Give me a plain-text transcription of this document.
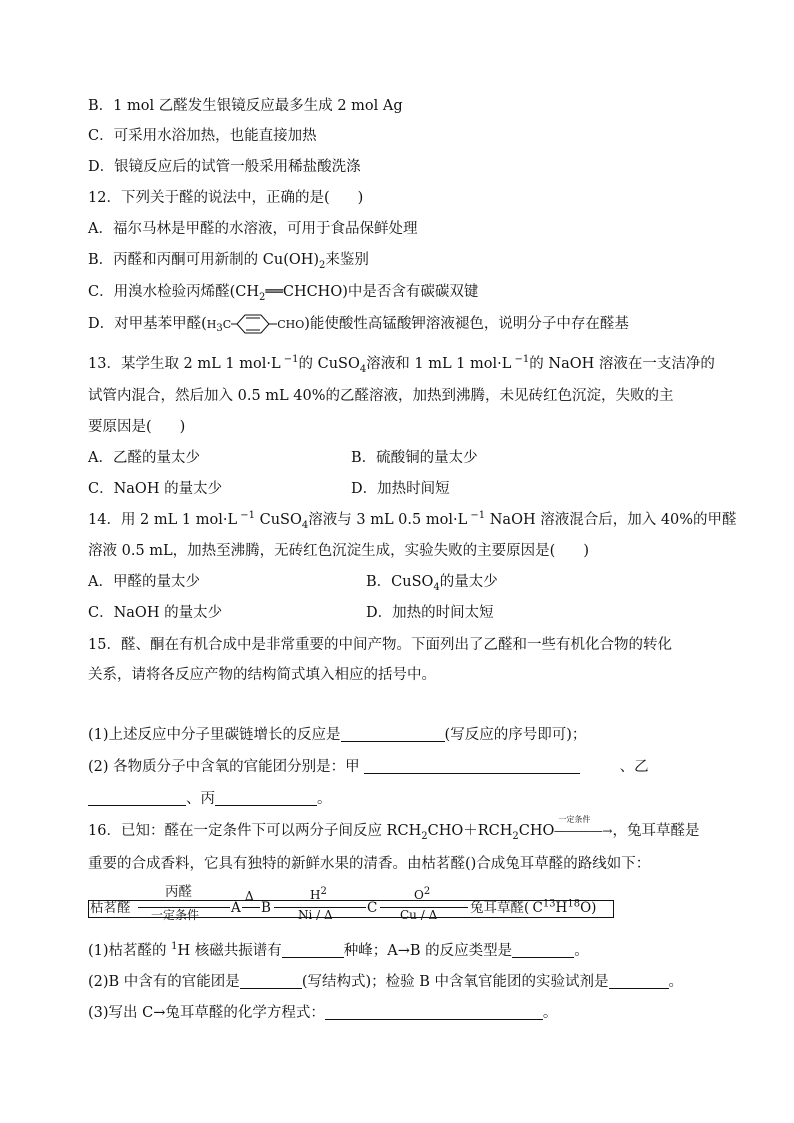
B．1 mol 乙醛发生银镜反应最多生成 2 mol Ag
C．可采用水浴加热，也能直接加热
D．银镜反应后的试管一般采用稀盐酸洗涤
12．下列关于醛的说法中，正确的是( )
A．福尔马林是甲醛的水溶液，可用于食品保鲜处理
B．丙醛和丙酮可用新制的 $Cu(OH)_2$来鉴别
C．用溴水检验丙烯醛$(CH_2══CHCHO)$中是否含有碳碳双键
D．对甲基苯甲醛($H_3C$	CHO)能使酸性高锰酸钾溶液褪色，说明分子中存在醛基
13．某学生取 2 mL 1 mol·L $^{-1}$的 CuSO$_4$溶液和 1 mL 1 mol·L $^{-1}$的 NaOH 溶液在一支洁净的
试管内混合，然后加入 0.5 mL 40%的乙醛溶液，加热到沸腾，未见砖红色沉淀，失败的主
要原因是( )
A．乙醛的量太少	B．硫酸铜的量太少
C．NaOH 的量太少	D．加热时间短
14．用 2 mL 1 mol·L $^{-1}$ CuSO$_4$溶液与 3 mL 0.5 mol·L $^{-1}$ NaOH 溶液混合后，加入 40%的甲醛
溶液 0.5 mL，加热至沸腾，无砖红色沉淀生成，实验失败的主要原因是( )
A．甲醛的量太少	B．CuSO$_4$的量太少
C．NaOH 的量太少	D．加热的时间太短
15．醛、酮在有机合成中是非常重要的中间产物。下面列出了乙醛和一些有机化合物的转化
关系，请将各反应产物的结构简式填入相应的括号中。
(1)上述反应中分子里碳链增长的反应是	(写反应的序号即可)；
(2) 各物质分子中含氧的官能团分别是：甲	、乙
、丙	。
16．已知：醛在一定条件下可以两分子间反应 $RCH_2CHO+RCH_2CHO$
一定条件
――――→，兔耳草醛是
重要的合成香料，它具有独特的新鲜水果的清香。由枯茗醛()合成兔耳草醛的路线如下：
枯茗醛
丙醛
一定条件 A
Δ
B
$H^2$
Ni / Δ	C
$O^2$
Cu / Δ 兔耳草醛( $C^{13}H^{18}O$)
(1)枯茗醛的 $^1$H 核磁共振谱有	种峰；A→B 的反应类型是	。
(2)B 中含有的官能团是	(写结构式)；检验 B 中含氧官能团的实验试剂是	。
(3)写出 C→兔耳草醛的化学方程式：	。
